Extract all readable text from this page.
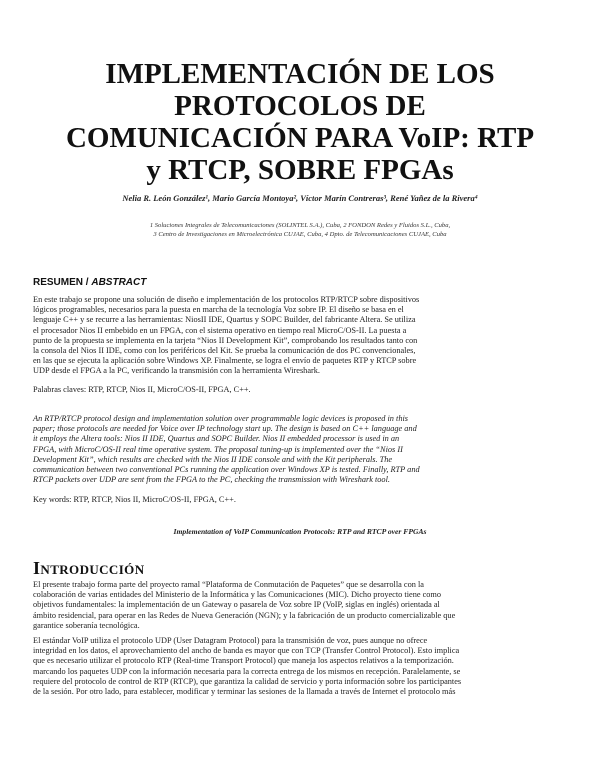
IMPLEMENTACIÓN DE LOS
PROTOCOLOS DE
COMUNICACIÓN PARA VoIP: RTP
y RTCP, SOBRE FPGAs
Nelia R. León González¹, Mario García Montoya², Víctor Marín Contreras³, René Yañez de la Rivera⁴
1 Soluciones Integrales de Telecomunicaciones (SOLINTEL S.A.), Cuba, 2 FONDON Redes y Fluidos S.L., Cuba,
3 Centro de Investigaciones en Microelectrónica CUJAE, Cuba, 4 Dpto. de Telecomunicaciones CUJAE, Cuba
RESUMEN / ABSTRACT
En este trabajo se propone una solución de diseño e implementación de los protocolos RTP/RTCP sobre dispositivos
lógicos programables, necesarios para la puesta en marcha de la tecnología Voz sobre IP. El diseño se basa en el
lenguaje C++ y se recurre a las herramientas: NiosII IDE, Quartus y SOPC Builder, del fabricante Altera. Se utiliza
el procesador Nios II embebido en un FPGA, con el sistema operativo en tiempo real MicroC/OS-II. La puesta a
punto de la propuesta se implementa en la tarjeta “Nios II Development Kit”, comprobando los resultados tanto con
la consola del Nios II IDE, como con los periféricos del Kit. Se prueba la comunicación de dos PC convencionales,
en las que se ejecuta la aplicación sobre Windows XP. Finalmente, se logra el envío de paquetes RTP y RTCP sobre
UDP desde el FPGA a la PC, verificando la transmisión con la herramienta Wireshark.
Palabras claves: RTP, RTCP, Nios II, MicroC/OS-II, FPGA, C++.
An RTP/RTCP protocol design and implementation solution over programmable logic devices is proposed in this
paper; those protocols are needed for Voice over IP technology start up. The design is based on C++ language and
it employs the Altera tools: Nios II IDE, Quartus and SOPC Builder. Nios II embedded processor is used in an
FPGA, with MicroC/OS-II real time operative system. The proposal tuning-up is implemented over the “Nios II
Development Kit”, which results are checked with the Nios II IDE console and with the Kit peripherals. The
communication between two conventional PCs running the application over Windows XP is tested. Finally, RTP and
RTCP packets over UDP are sent from the FPGA to the PC, checking the transmission with Wireshark tool.
Key words: RTP, RTCP, Nios II, MicroC/OS-II, FPGA, C++.
Implementation of VoIP Communication Protocols: RTP and RTCP over FPGAs
INTRODUCCIÓN
El presente trabajo forma parte del proyecto ramal “Plataforma de Conmutación de Paquetes” que se desarrolla con la
colaboración de varias entidades del Ministerio de la Informática y las Comunicaciones (MIC). Dicho proyecto tiene como
objetivos fundamentales: la implementación de un Gateway o pasarela de Voz sobre IP (VoIP, siglas en inglés) orientada al
ámbito residencial, para operar en las Redes de Nueva Generación (NGN); y la fabricación de un producto comercializable que
garantice soberanía tecnológica.
El estándar VoIP utiliza el protocolo UDP (User Datagram Protocol) para la transmisión de voz, pues aunque no ofrece
integridad en los datos, el aprovechamiento del ancho de banda es mayor que con TCP (Transfer Control Protocol). Esto implica
que es necesario utilizar el protocolo RTP (Real-time Transport Protocol) que maneja los aspectos relativos a la temporización.
marcando los paquetes UDP con la información necesaria para la correcta entrega de los mismos en recepción. Paralelamente, se
requiere del protocolo de control de RTP (RTCP), que garantiza la calidad de servicio y porta información sobre los participantes
de la sesión. Por otro lado, para establecer, modificar y terminar las sesiones de la llamada a través de Internet el protocolo más
